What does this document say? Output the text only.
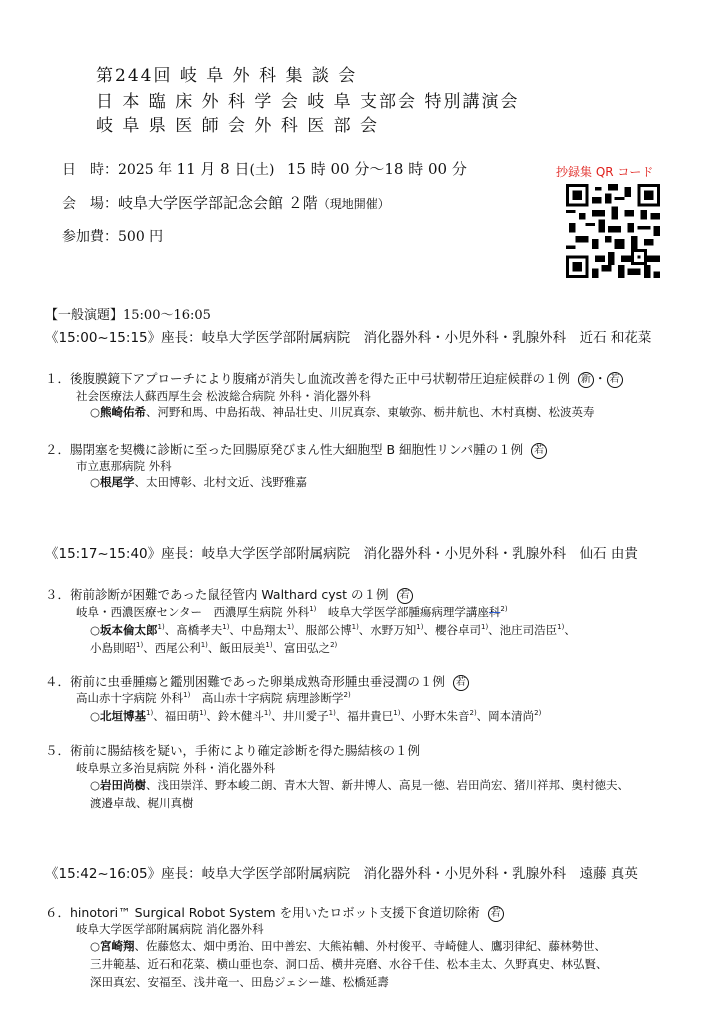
第244回 岐 阜 外 科 集 談 会
日 本 臨 床 外 科 学 会 岐 阜 支部会 特別講演会
岐 阜 県 医 師 会 外 科 医 部 会
日　時：2025 年 11 月 8 日(土) 15 時 00 分～18 時 00 分
会　場：岐阜大学医学部記念会館 ２階（現地開催）
参加費：500 円
抄録集 QR コード
【一般演題】15:00～16:05
《15:00~15:15》座長：岐阜大学医学部附属病院　消化器外科・小児外科・乳腺外科　近石 和花菜
１．後腹膜鏡下アプローチにより腹痛が消失し血流改善を得た正中弓状靭帯圧迫症候群の１例 新 ・ 若
社会医療法人蘇西厚生会 松波総合病院 外科・消化器外科
○熊崎佑希、河野和馬、中島拓哉、神品壮史、川尻真奈、東敏弥、栃井航也、木村真樹、松波英寿
２．腸閉塞を契機に診断に至った回腸原発びまん性大細胞型 B 細胞性リンパ腫の１例 若
市立恵那病院 外科
○根尾学、太田博彰、北村文近、浅野雅嘉
《15:17~15:40》座長：岐阜大学医学部附属病院　消化器外科・小児外科・乳腺外科　仙石 由貴
３．術前診断が困難であった鼠径管内 Walthard cyst の１例 若
岐阜・西濃医療センター　西濃厚生病院 外科$^{1)}$　岐阜大学医学部腫瘍病理学講座科$^{2)}$
○坂本倫太郎$^{1)}$、髙橋孝夫$^{1)}$、中島翔太$^{1)}$、服部公博$^{1)}$、水野万知$^{1)}$、櫻谷卓司$^{1)}$、池庄司浩臣$^{1)}$、
小島則昭$^{1)}$、西尾公利$^{1)}$、飯田辰美$^{1)}$、富田弘之$^{2)}$
４．術前に虫垂腫瘍と鑑別困難であった卵巣成熟奇形腫虫垂浸潤の１例 若
高山赤十字病院 外科$^{1)}$　高山赤十字病院 病理診断学$^{2)}$
○北垣博基$^{1)}$、福田萌$^{1)}$、鈴木健斗$^{1)}$、井川愛子$^{1)}$、福井貴巳$^{1)}$、小野木朱音$^{2)}$、岡本清尚$^{2)}$
５．術前に腸結核を疑い，手術により確定診断を得た腸結核の１例
岐阜県立多治見病院 外科・消化器外科
○岩田尚樹、浅田崇洋、野本峻二朗、青木大智、新井博人、高見一徳、岩田尚宏、猪川祥邦、奥村徳夫、
渡邉卓哉、梶川真樹
《15:42~16:05》座長：岐阜大学医学部附属病院　消化器外科・小児外科・乳腺外科　遠藤 真英
６．hinotori™ Surgical Robot System を用いたロボット支援下食道切除術 若
岐阜大学医学部附属病院 消化器外科
○宮崎翔、佐藤悠太、畑中勇治、田中善宏、大熊祐輔、外村俊平、寺崎健人、鷹羽律紀、藤林勢世、
三井範基、近石和花菜、横山亜也奈、洞口岳、横井亮磨、水谷千佳、松本圭太、久野真史、林弘賢、
深田真宏、安福至、浅井竜一、田島ジェシー雄、松橋延壽
